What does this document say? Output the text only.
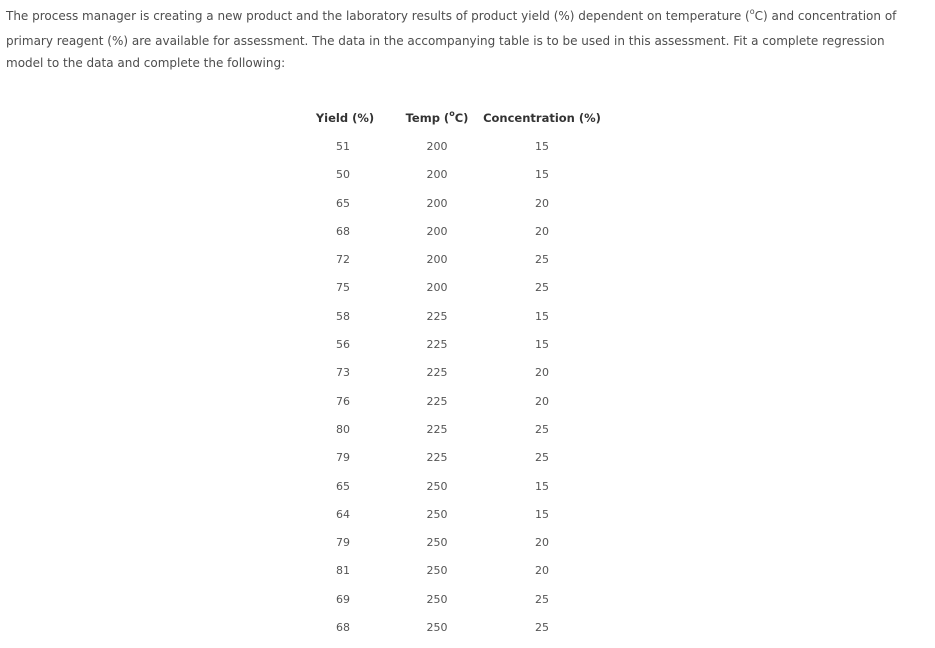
The process manager is creating a new product and the laboratory results of product yield (%) dependent on temperature ($^o$C) and concentration of primary reagent (%) are available for assessment. The data in the accompanying table is to be used in this assessment. Fit a complete regression model to the data and complete the following:

Yield (%)	Temp ($^o$C)	Concentration (%)
51	200	15
50	200	15
65	200	20
68	200	20
72	200	25
75	200	25
58	225	15
56	225	15
73	225	20
76	225	20
80	225	25
79	225	25
65	250	15
64	250	15
79	250	20
81	250	20
69	250	25
68	250	25
